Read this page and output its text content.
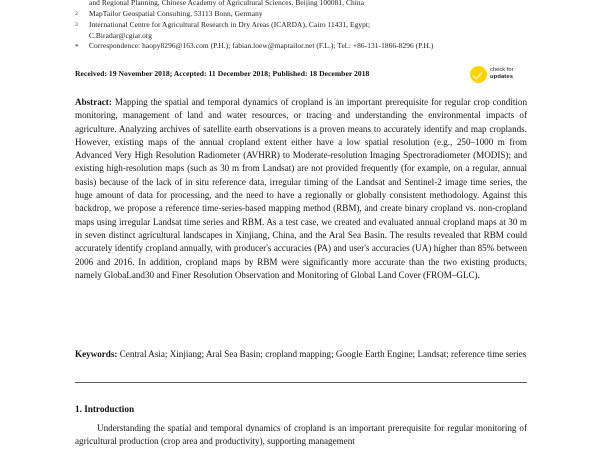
and Regional Planning, Chinese Academy of Agricultural Sciences, Beijing 100081, China
2	MapTailor Geospatial Consulting, 53113 Bonn, Germany
3	International Centre for Agricultural Research in Dry Areas (ICARDA), Cairo 11431, Egypt;
C.Biradar@cgiar.org
*	Correspondence: haopy8296@163.com (P.H.); fabian.loew@maptailor.net (F.L.); Tel.: +86-131-1866-8296 (P.H.)
Received: 19 November 2018; Accepted: 11 December 2018; Published: 18 December 2018	check for
updates
Abstract: Mapping the spatial and temporal dynamics of cropland is an important prerequisite for regular crop condition monitoring, management of land and water resources, or tracing and understanding the environmental impacts of agriculture. Analyzing archives of satellite earth observations is a proven means to accurately identify and map croplands. However, existing maps of the annual cropland extent either have a low spatial resolution (e.g., 250–1000 m from Advanced Very High Resolution Radiometer (AVHRR) to Moderate-resolution Imaging Spectroradiometer (MODIS); and existing high-resolution maps (such as 30 m from Landsat) are not provided frequently (for example, on a regular, annual basis) because of the lack of in situ reference data, irregular timing of the Landsat and Sentinel-2 image time series, the huge amount of data for processing, and the need to have a regionally or globally consistent methodology. Against this backdrop, we propose a reference time-series-based mapping method (RBM), and create binary cropland vs. non-cropland maps using irregular Landsat time series and RBM. As a test case, we created and evaluated annual cropland maps at 30 m in seven distinct agricultural landscapes in Xinjiang, China, and the Aral Sea Basin. The results revealed that RBM could accurately identify cropland annually, with producer's accuracies (PA) and user's accuracies (UA) higher than 85% between 2006 and 2016. In addition, cropland maps by RBM were significantly more accurate than the two existing products, namely GlobaLand30 and Finer Resolution Observation and Monitoring of Global Land Cover (FROM–GLC).
Keywords: Central Asia; Xinjiang; Aral Sea Basin; cropland mapping; Google Earth Engine; Landsat; reference time series
1. Introduction
Understanding the spatial and temporal dynamics of cropland is an important prerequisite for regular monitoring of agricultural production (crop area and productivity), supporting management
